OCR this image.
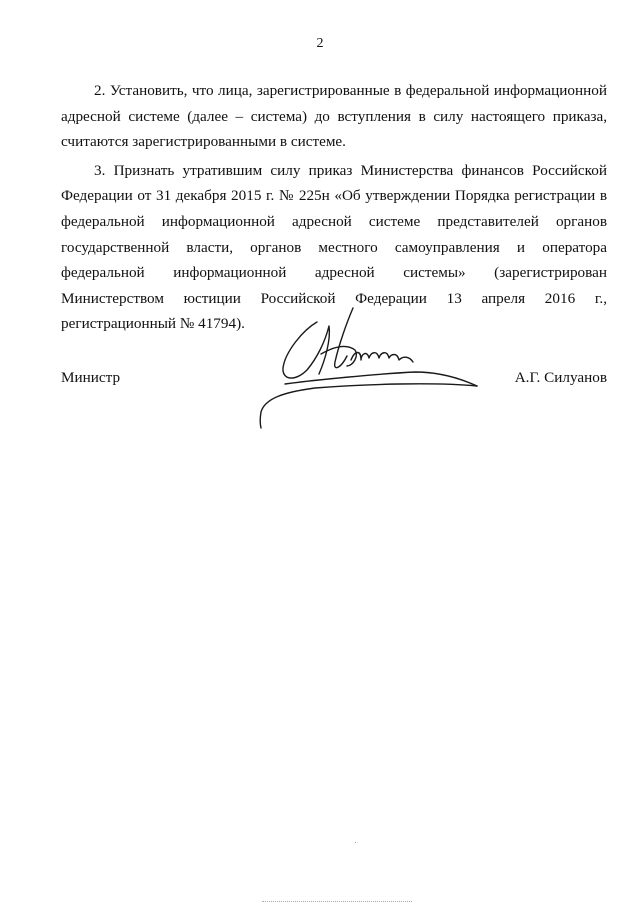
2

2. Установить, что лица, зарегистрированные в федеральной информационной адресной системе (далее – система) до вступления в силу настоящего приказа, считаются зарегистрированными в системе.

3. Признать утратившим силу приказ Министерства финансов Российской Федерации от 31 декабря 2015 г. № 225н «Об утверждении Порядка регистрации в федеральной информационной адресной системе представителей органов государственной власти, органов местного самоуправления и оператора федеральной информационной адресной системы» (зарегистрирован Министерством юстиции Российской Федерации 13 апреля 2016 г., регистрационный № 41794).

Министр	А.Г. Силуанов
